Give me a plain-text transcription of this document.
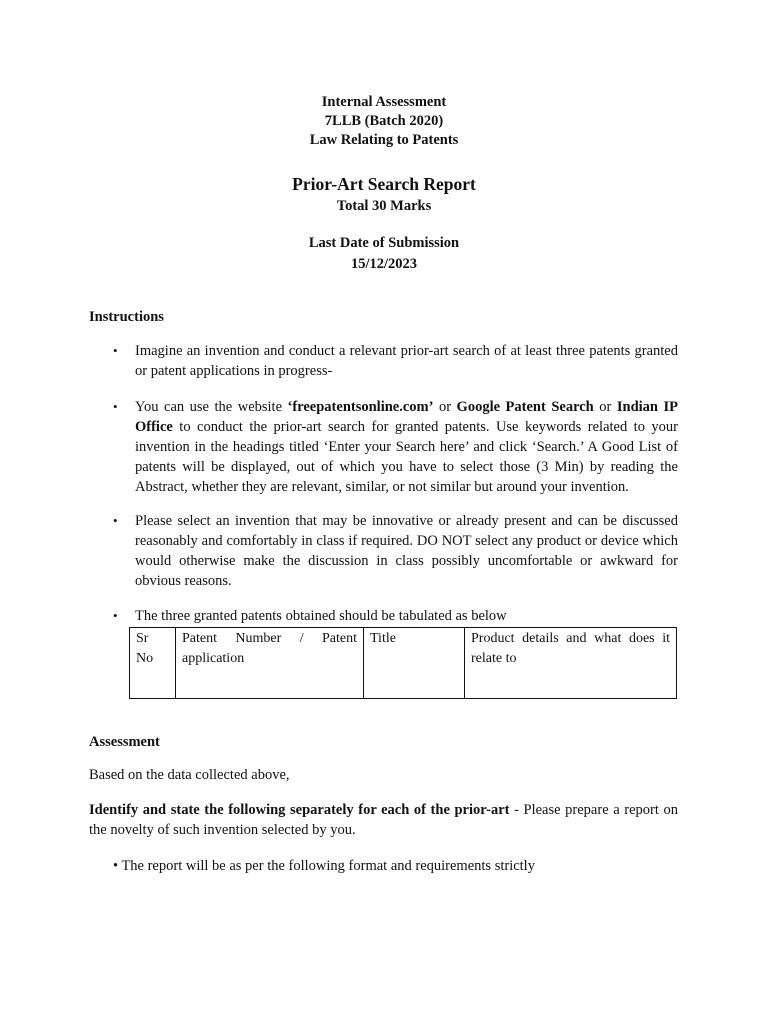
Internal Assessment
7LLB (Batch 2020)
Law Relating to Patents
Prior-Art Search Report
Total 30 Marks
Last Date of Submission
15/12/2023
Instructions
• Imagine an invention and conduct a relevant prior-art search of at least three patents granted or patent applications in progress-
• You can use the website ‘freepatentsonline.com’ or Google Patent Search or Indian IP Office to conduct the prior-art search for granted patents. Use keywords related to your invention in the headings titled ‘Enter your Search here’ and click ‘Search.’ A Good List of patents will be displayed, out of which you have to select those (3 Min) by reading the Abstract, whether they are relevant, similar, or not similar but around your invention.
• Please select an invention that may be innovative or already present and can be discussed reasonably and comfortably in class if required. DO NOT select any product or device which would otherwise make the discussion in class possibly uncomfortable or awkward for obvious reasons.
• The three granted patents obtained should be tabulated as below
Sr No	Patent Number / Patent application	Title	Product details and what does it relate to
Assessment
Based on the data collected above,
Identify and state the following separately for each of the prior-art - Please prepare a report on the novelty of such invention selected by you.
• The report will be as per the following format and requirements strictly
